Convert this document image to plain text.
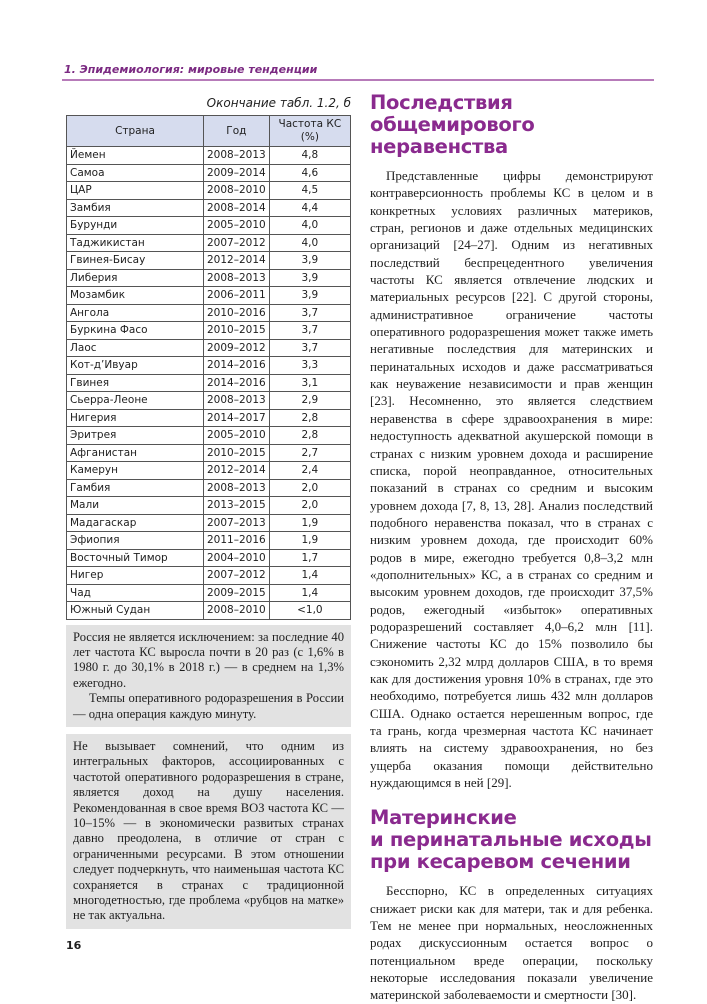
1. Эпидемиология: мировые тенденции
Окончание табл. 1.2, б
Страна	Год	Частота КС (%)
Йемен	2008–2013	4,8
Самоа	2009–2014	4,6
ЦАР	2008–2010	4,5
Замбия	2008–2014	4,4
Бурунди	2005–2010	4,0
Таджикистан	2007–2012	4,0
Гвинея-Бисау	2012–2014	3,9
Либерия	2008–2013	3,9
Мозамбик	2006–2011	3,9
Ангола	2010–2016	3,7
Буркина Фасо	2010–2015	3,7
Лаос	2009–2012	3,7
Кот-д’Ивуар	2014–2016	3,3
Гвинея	2014–2016	3,1
Сьерра-Леоне	2008–2013	2,9
Нигерия	2014–2017	2,8
Эритрея	2005–2010	2,8
Афганистан	2010–2015	2,7
Камерун	2012–2014	2,4
Гамбия	2008–2013	2,0
Мали	2013–2015	2,0
Мадагаскар	2007–2013	1,9
Эфиопия	2011–2016	1,9
Восточный Тимор	2004–2010	1,7
Нигер	2007–2012	1,4
Чад	2009–2015	1,4
Южный Судан	2008–2010	<1,0

Россия не является исключением: за последние 40 лет частота КС выросла почти в 20 раз (с 1,6% в 1980 г. до 30,1% в 2018 г.) — в среднем на 1,3% ежегодно.

Темпы оперативного родоразрешения в России — одна операция каждую минуту.

Не вызывает сомнений, что одним из интегральных факторов, ассоциированных с частотой оперативного родоразрешения в стране, является доход на душу населения. Рекомендованная в свое время ВОЗ частота КС — 10–15% — в экономически развитых странах давно преодолена, в отличие от стран с ограниченными ресурсами. В этом отношении следует подчеркнуть, что наименьшая частота КС сохраняется в странах с традиционной многодетностью, где проблема «рубцов на матке» не так актуальна.

16
Последствия общемирового
неравенства

Представленные цифры демонстрируют контраверсионность проблемы КС в целом и в конкретных условиях различных материков, стран, регионов и даже отдельных медицинских организаций [24–27]. Одним из негативных последствий беспрецедентного увеличения частоты КС является отвлечение людских и материальных ресурсов [22]. С другой стороны, административное ограничение частоты оперативного родоразрешения может также иметь негативные последствия для материнских и перинатальных исходов и даже рассматриваться как неуважение независимости и прав женщин [23]. Несомненно, это является следствием неравенства в сфере здравоохранения в мире: недоступность адекватной акушерской помощи в странах с низким уровнем дохода и расширение списка, порой неоправданное, относительных показаний в странах со средним и высоким уровнем дохода [7, 8, 13, 28]. Анализ последствий подобного неравенства показал, что в странах с низким уровнем дохода, где происходит 60% родов в мире, ежегодно требуется 0,8–3,2 млн «дополнительных» КС, а в странах со средним и высоким уровнем доходов, где происходит 37,5% родов, ежегодный «избыток» оперативных родоразрешений составляет 4,0–6,2 млн [11]. Снижение частоты КС до 15% позволило бы сэкономить 2,32 млрд долларов США, в то время как для достижения уровня 10% в странах, где это необходимо, потребуется лишь 432 млн долларов США. Однако остается нерешенным вопрос, где та грань, когда чрезмерная частота КС начинает влиять на систему здравоохранения, но без ущерба оказания помощи действительно нуждающимся в ней [29].

Материнские
и перинатальные исходы
при кесаревом сечении

Бесспорно, КС в определенных ситуациях снижает риски как для матери, так и для ребенка. Тем не менее при нормальных, неосложненных родах дискуссионным остается вопрос о потенциальном вреде операции, поскольку некоторые исследования показали увеличение материнской заболеваемости и смертности [30].
